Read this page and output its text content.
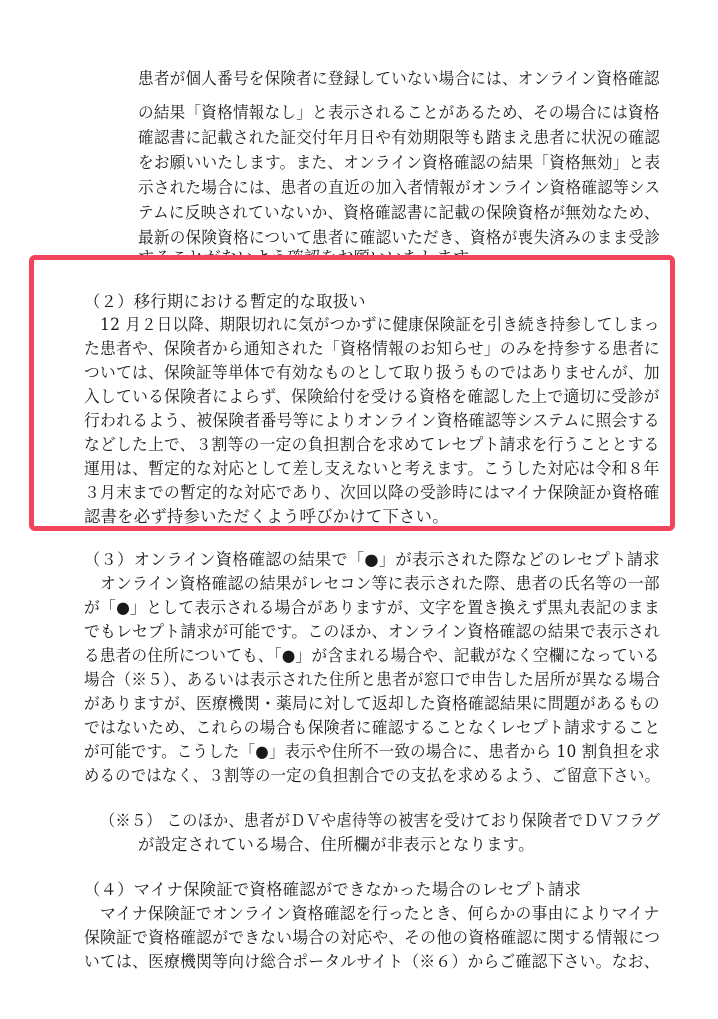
患者が個人番号を保険者に登録していない場合には、オンライン資格確認
の結果「資格情報なし」と表示されることがあるため、その場合には資格
確認書に記載された証交付年月日や有効期限等も踏まえ患者に状況の確認
をお願いいたします。また、オンライン資格確認の結果「資格無効」と表
示された場合には、患者の直近の加入者情報がオンライン資格確認等シス
テムに反映されていないか、資格確認書に記載の保険資格が無効なため、
最新の保険資格について患者に確認いただき、資格が喪失済みのまま受診
（２）移行期における暫定的な取扱い
12 月２日以降、期限切れに気がつかずに健康保険証を引き続き持参してしまっ
た患者や、保険者から通知された「資格情報のお知らせ」のみを持参する患者に
ついては、保険証等単体で有効なものとして取り扱うものではありませんが、加
入している保険者によらず、保険給付を受ける資格を確認した上で適切に受診が
行われるよう、被保険者番号等によりオンライン資格確認等システムに照会する
などした上で、３割等の一定の負担割合を求めてレセプト請求を行うこととする
運用は、暫定的な対応として差し支えないと考えます。こうした対応は令和８年
３月末までの暫定的な対応であり、次回以降の受診時にはマイナ保険証か資格確
認書を必ず持参いただくよう呼びかけて下さい。
（３）オンライン資格確認の結果で「●」が表示された際などのレセプト請求
オンライン資格確認の結果がレセコン等に表示された際、患者の氏名等の一部
が「●」として表示される場合がありますが、文字を置き換えず黒丸表記のまま
でもレセプト請求が可能です。このほか、オンライン資格確認の結果で表示され
る患者の住所についても、「●」が含まれる場合や、記載がなく空欄になっている
場合（※５）、あるいは表示された住所と患者が窓口で申告した居所が異なる場合
がありますが、医療機関・薬局に対して返却した資格確認結果に問題があるもの
ではないため、これらの場合も保険者に確認することなくレセプト請求すること
が可能です。こうした「●」表示や住所不一致の場合に、患者から 10 割負担を求
めるのではなく、３割等の一定の負担割合での支払を求めるよう、ご留意下さい。
（※５） このほか、患者がＤＶや虐待等の被害を受けており保険者でＤＶフラグ
が設定されている場合、住所欄が非表示となります。
（４）マイナ保険証で資格確認ができなかった場合のレセプト請求
マイナ保険証でオンライン資格確認を行ったとき、何らかの事由によりマイナ
保険証で資格確認ができない場合の対応や、その他の資格確認に関する情報につ
いては、医療機関等向け総合ポータルサイト（※６）からご確認下さい。なお、
